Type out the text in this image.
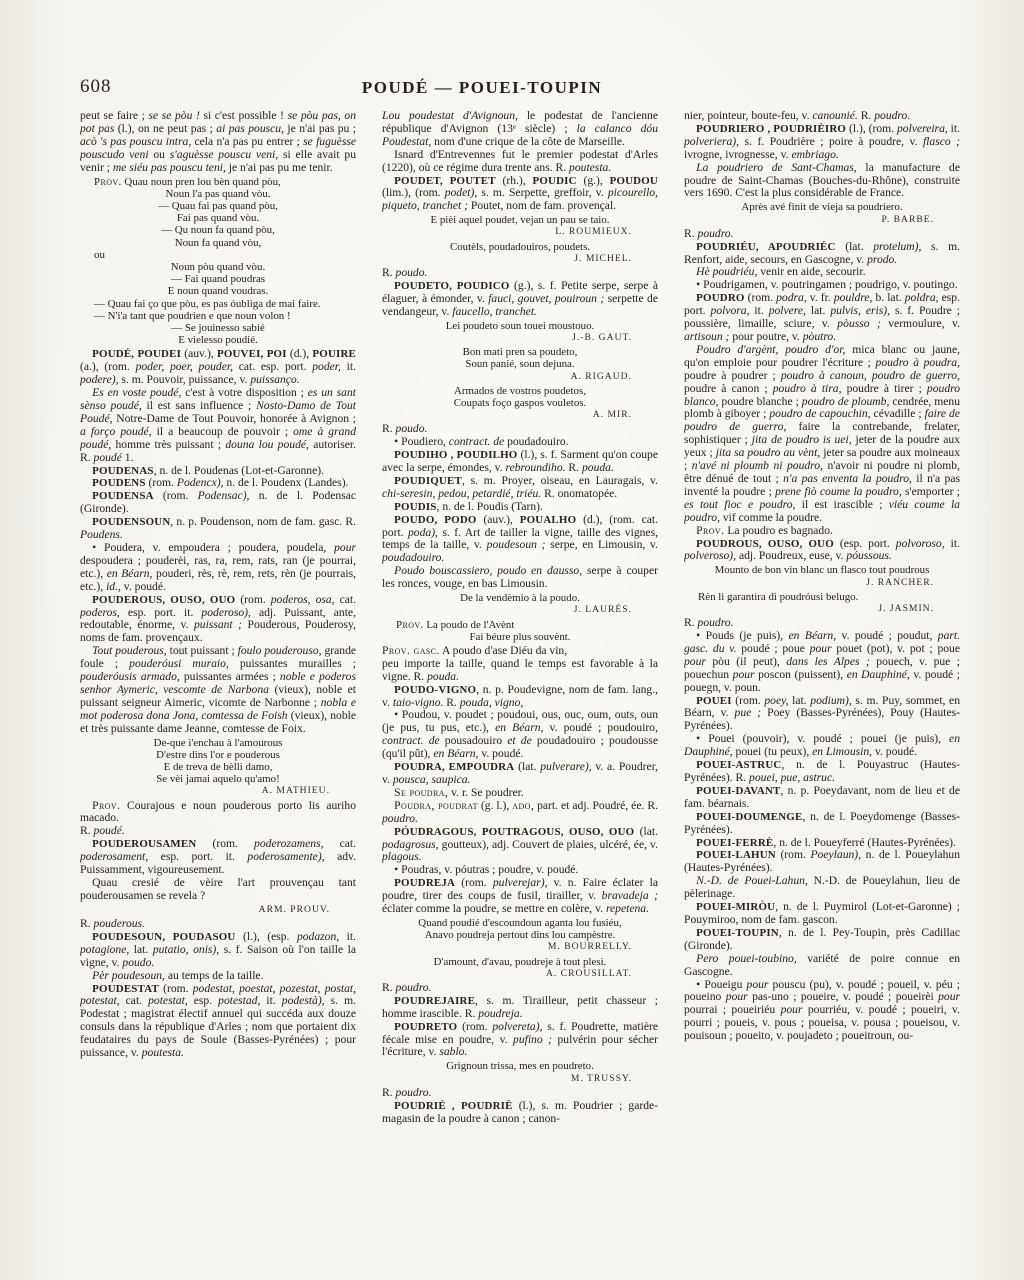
608	POUDÉ — POUEI-TOUPIN

peut se faire ; se se pòu ! si c'est possible ! se pòu pas, on pot pas (l.), on ne peut pas ; ai pas pouscu, je n'ai pas pu ; acò 's pas pouscu intra, cela n'a pas pu entrer ; se fuguèsse pouscudo veni ou s'aguèsse pouscu veni, si elle avait pu venir ; me siéu pas pouscu teni, je n'ai pas pu me tenir.

Prov. Quau noun pren lou bèn quand pòu,
Noun l'a pas quand vòu.
— Quau fai pas quand pòu,
Fai pas quand vòu.
— Qu noun fa quand pòu,
Noun fa quand vòu,
ou
Noun pòu quand vòu.
— Fai quand poudras
E noun quand voudras.
— Quau fai ço que pòu, es pas óubliga de mai faire.
— N'i'a tant que poudrien e que noun volon !
— Se jouinesso sabié
E vielesso poudié.

POUDÉ, POUDEI (auv.), POUVEI, POI (d.), POUIRE (a.), (rom. poder, poer, pouder, cat. esp. port. poder, it. podere), s. m. Pouvoir, puissance, v. puissanço.

Es en voste poudé, c'est à votre disposition ; es un sant sènso poudé, il est sans influence ; Nosto-Damo de Tout Poudé, Notre-Dame de Tout Pouvoir, honorée à Avignon ; a forço poudé, il a beaucoup de pouvoir ; ome à grand poudé, homme très puissant ; douna lou poudé, autoriser. R. poudé 1.

POUDENAS, n. de l. Poudenas (Lot-et-Garonne).

POUDENS (rom. Podencx), n. de l. Poudenx (Landes).

POUDENSA (rom. Podensac), n. de l. Podensac (Gironde).

POUDENSOUN, n. p. Poudenson, nom de fam. gasc. R. Poudens.

• Poudera, v. empoudera ; poudera, poudela, pour despoudera ; pouderèi, ras, ra, rem, rats, ran (je pourrai, etc.), en Béarn, pouderi, rès, rè, rem, rets, rèn (je pourrais, etc.), id., v. poudé.

POUDEROUS, OUSO, OUO (rom. poderos, osa, cat. poderos, esp. port. it. poderoso), adj. Puissant, ante, redoutable, énorme, v. puissant ; Pouderous, Pouderosy, noms de fam. provençaux.

Tout pouderous, tout puissant ; foulo pouderouso, grande foule ; pouderóusi muraio, puissantes murailles ; pouderóusis armado, puissantes armées ; noble e poderos senhor Aymeric, vescomte de Narbona (vieux), noble et puissant seigneur Aimeric, vicomte de Narbonne ; nobla e mot poderosa dona Jona, comtessa de Foish (vieux), noble et très puissante dame Jeanne, comtesse de Foix.

De-que i'enchau à l'amourous
D'estre dins l'or e pouderous
E de treva de bèlli damo,
Se vèi jamai aquelo qu'amo!
A. MATHIEU.

Prov. Courajous e noun pouderous porto lis auriho macado.

R. poudé.

POUDEROUSAMEN (rom. poderozamens, cat. poderosament, esp. port. it. poderosamente), adv. Puissamment, vigoureusement.

Quau cresié de vèire l'art prouvençau tant pouderousamen se revela ?

ARM. PROUV.

R. pouderous.

POUDESOUN, POUDASOU (l.), (esp. podazon, it. potagione, lat. putatio, onis), s. f. Saison où l'on taille la vigne, v. poudo.

Pèr poudesoun, au temps de la taille.

POUDESTAT (rom. podestat, poestat, pozestat, postat, potestat, cat. potestat, esp. potestad, it. podestà), s. m. Podestat ; magistrat électif annuel qui succéda aux douze consuls dans la république d'Arles ; nom que portaient dix feudataires du pays de Soule (Basses-Pyrénées) ; pour puissance, v. poutesta.

Lou poudestat d'Avignoun, le podestat de l'ancienne république d'Avignon (13ᵉ siècle) ; la calanco dóu Poudestat, nom d'une crique de la côte de Marseille.

Isnard d'Entrevennes fut le premier podestat d'Arles (1220), où ce régime dura trente ans. R. poutesta.

POUDET, POUTET (rh.), POUDIC (g.), POUDOU (lim.), (rom. podet), s. m. Serpette, greffoir, v. picourello, piqueto, tranchet ; Poutet, nom de fam. provençal.

E pièi aquel poudet, vejan un pau se taio.
L. ROUMIEUX.
Coutèls, poudadouiros, poudets.
J. MICHEL.

R. poudo.

POUDETO, POUDICO (g.), s. f. Petite serpe, serpe à élaguer, à émonder, v. fauci, gouvet, pouiroun ; serpette de vendangeur, v. faucello, tranchet.

Lei poudeto soun touei moustouo.
J.-B. GAUT.
Bon mati pren sa poudeto,
Soun panié, soun dejuna.
A. RIGAUD.
Armados de vostros poudetos,
Coupats foço gaspos vouletos.
A. MIR.

R. poudo.

• Poudiero, contract. de poudadouiro.

POUDIHO , POUDILHO (l.), s. f. Sarment qu'on coupe avec la serpe, émondes, v. rebroundiho. R. pouda.

POUDIQUET, s. m. Proyer, oiseau, en Lauragais, v. chi-seresin, pedou, petardié, triéu. R. onomatopée.

POUDIS, n. de l. Poudis (Tarn).

POUDO, PODO (auv.), POUALHO (d.), (rom. cat. port. poda), s. f. Art de tailler la vigne, taille des vignes, temps de la taille, v. poudesoun ; serpe, en Limousin, v. poudadouiro.

Poudo bouscassiero, poudo en dausso, serpe à couper les ronces, vouge, en bas Limousin.

De la vendèmio à la poudo.
J. LAURÉS.
Prov. La poudo de l'Avènt
Fai béure plus souvènt.

Prov. gasc. A poudo d'ase Diéu da vin,

peu importe la taille, quand le temps est favorable à la vigne. R. pouda.

POUDO-VIGNO, n. p. Poudevigne, nom de fam. lang., v. taio-vigno. R. pouda, vigno,

• Poudou, v. poudet ; poudoui, ous, ouc, oum, outs, oun (je pus, tu pus, etc.), en Béarn, v. poudé ; poudouiro, contract. de pousadouiro et de poudadouiro ; poudousse (qu'il pût), en Béarn, v. poudé.

POUDRA, EMPOUDRA (lat. pulverare), v. a. Poudrer, v. pousca, saupica.

Se poudra, v. r. Se poudrer.

Poudra, poudrat (g. l.), ado, part. et adj. Poudré, ée. R. poudro.

PÓUDRAGOUS, POUTRAGOUS, OUSO, OUO (lat. podagrosus, goutteux), adj. Couvert de plaies, ulcéré, ée, v. plagous.

• Poudras, v. póutras ; poudre, v. poudé.

POUDREJA (rom. pulverejar), v. n. Faire éclater la poudre, tirer des coups de fusil, tirailler, v. bravadeja ; éclater comme la poudre, se mettre en colère, v. repetena.

Quand poudié d'escoundoun aganta lou fusiéu,
Anavo poudreja pertout dins lou campèstre.
M. BOURRELLY.
D'amount, d'avau, poudreje à tout plesi.
A. CROUSILLAT.

R. poudro.

POUDREJAIRE, s. m. Tirailleur, petit chasseur ; homme irascible. R. poudreja.

POUDRETO (rom. polvereta), s. f. Poudrette, matière fécale mise en poudre, v. pufino ; pulvérin pour sécher l'écriture, v. sablo.

Grignoun trissa, mes en poudreto.
M. TRUSSY.

R. poudro.

POUDRIÉ , POUDRIÈ (l.), s. m. Poudrier ; garde-magasin de la poudre à canon ; canon-

nier, pointeur, boute-feu, v. canounié. R. poudro.

POUDRIERO , POUDRIÈIRO (l.), (rom. polvereira, it. polveriera), s. f. Poudrière ; poire à poudre, v. flasco ; ivrogne, ivrognesse, v. embriago.

La poudriero de Sant-Chamas, la manufacture de poudre de Saint-Chamas (Bouches-du-Rhône), construite vers 1690. C'est la plus considérable de France.

Après avé finit de vieja sa poudriero.
P. BARBE.

R. poudro.

POUDRIÉU, APOUDRIÉC (lat. protelum), s. m. Renfort, aide, secours, en Gascogne, v. prodo.

Hè poudriéu, venir en aide, secourir.

• Poudrigamen, v. poutringamen ; poudrigo, v. poutingo.

POUDRO (rom. podra, v. fr. pouldre, b. lat. poldra, esp. port. polvora, it. polvere, lat. pulvis, eris), s. f. Poudre ; poussière, limaille, sciure, v. pòusso ; vermoulure, v. artisoun ; pour poutre, v. pòutro.

Poudro d'argènt, poudro d'or, mica blanc ou jaune, qu'on emploie pour poudrer l'écriture ; poudro à poudra, poudre à poudrer ; poudro à canoun, poudro de guerro, poudre à canon ; poudro à tira, poudre à tirer ; poudro blanco, poudre blanche ; poudro de ploumb, cendrée, menu plomb à giboyer ; poudro de capouchin, cévadille ; faire de poudro de guerro, faire la contrebande, frelater, sophistiquer ; jita de poudro is uei, jeter de la poudre aux yeux ; jita sa poudro au vènt, jeter sa poudre aux moineaux ; n'avé ni ploumb ni poudro, n'avoir ni poudre ni plomb, être dénué de tout ; n'a pas enventa la poudro, il n'a pas inventé la poudre ; prene fiò coume la poudro, s'emporter ; es tout fioc e poudro, il est irascible ; viéu coume la poudro, vif comme la poudre.

Prov. La poudro es bagnado.

POUDROUS, OUSO, OUO (esp. port. polvoroso, it. polveroso), adj. Poudreux, euse, v. póussous.

Mounto de bon vin blanc un flasco tout poudrous
J. RANCHER.
Rèn li garantira di poudróusi belugo.
J. JASMIN.

R. poudro.

• Pouds (je puis), en Béarn, v. poudé ; poudut, part. gasc. du v. poudé ; poue pour pouet (pot), v. pot ; poue pour pòu (il peut), dans les Alpes ; pouech, v. pue ; pouechun pour poscon (puissent), en Dauphiné, v. poudé ; pouegn, v. poun.

POUEI (rom. poey, lat. podium), s. m. Puy, sommet, en Béarn, v. pue ; Poey (Basses-Pyrénées), Pouy (Hautes-Pyrénées).

• Pouei (pouvoir), v. poudé ; pouei (je puis), en Dauphiné, pouei (tu peux), en Limousin, v. poudé.

POUEI-ASTRUC, n. de l. Pouyastruc (Hautes-Pyrénées). R. pouei, pue, astruc.

POUEI-DAVANT, n. p. Poeydavant, nom de lieu et de fam. béarnais.

POUEI-DOUMENGE, n. de l. Poeydomenge (Basses-Pyrénées).

POUEI-FERRÈ, n. de l. Poueyferré (Hautes-Pyrénées).

POUEI-LAHUN (rom. Poeylaun), n. de l. Poueylahun (Hautes-Pyrénées).

N.-D. de Pouei-Lahun, N.-D. de Poueylahun, lieu de pèlerinage.

POUEI-MIRÒU, n. de l. Puymirol (Lot-et-Garonne) ; Pouymiroo, nom de fam. gascon.

POUEI-TOUPIN, n. de l. Pey-Toupin, près Cadillac (Gironde).

Pero pouei-toubino, variété de poire connue en Gascogne.

• Poueigu pour pouscu (pu), v. poudé ; poueil, v. péu ; poueino pour pas-uno ; poueire, v. poudé ; poueirèi pour pourrai ; poueiriéu pour pourriéu, v. poudé ; poueiri, v. pourri ; poueis, v. pous ; poueisa, v. pousa ; poueisou, v. pouisoun ; poueito, v. poujadeto ; poueitroun, ou-
